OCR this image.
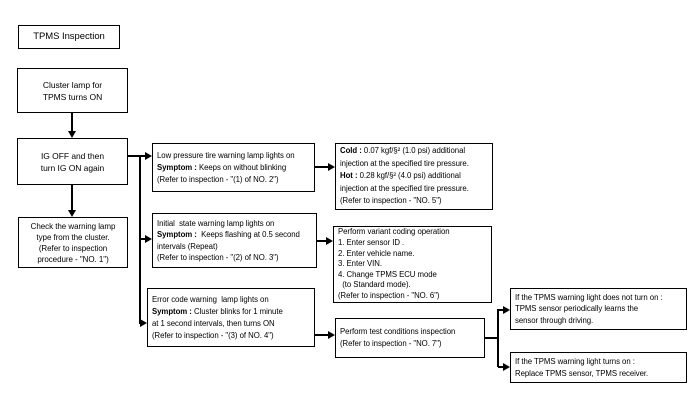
TPMS Inspection
Cluster lamp for
TPMS turns ON
IG OFF and then
turn IG ON again
Check the warning lamp
type from the cluster.
(Refer to inspection
procedure - "NO. 1")
Low pressure tire warning lamp lights on
Symptom : Keeps on without blinking
(Refer to inspection - "(1) of NO. 2")
Cold : 0.07 kgf/§² (1.0 psi) additional
injection at the specified tire pressure.
Hot : 0.28 kgf/§² (4.0 psi) additional
injection at the specified tire pressure.
(Refer to inspection - "NO. 5")
Initial  state warning lamp lights on
Symptom :  Keeps flashing at 0.5 second
intervals (Repeat)
(Refer to inspection - "(2) of NO. 3")
Perform variant coding operation
1. Enter sensor ID .
2. Enter vehicle name.
3. Enter VIN.
4. Change TPMS ECU mode
(to Standard mode).
(Refer to inspection - "NO. 6")
Error code warning  lamp lights on
Symptom : Cluster blinks for 1 minute
at 1 second intervals, then turns ON
(Refer to inspection - "(3) of NO. 4")	Perform test conditions inspection
(Refer to inspection - "NO. 7")
If the TPMS warning light does not turn on :
TPMS sensor periodically learns the
sensor through driving.
If the TPMS warning light turns on :
Replace TPMS sensor, TPMS receiver.
